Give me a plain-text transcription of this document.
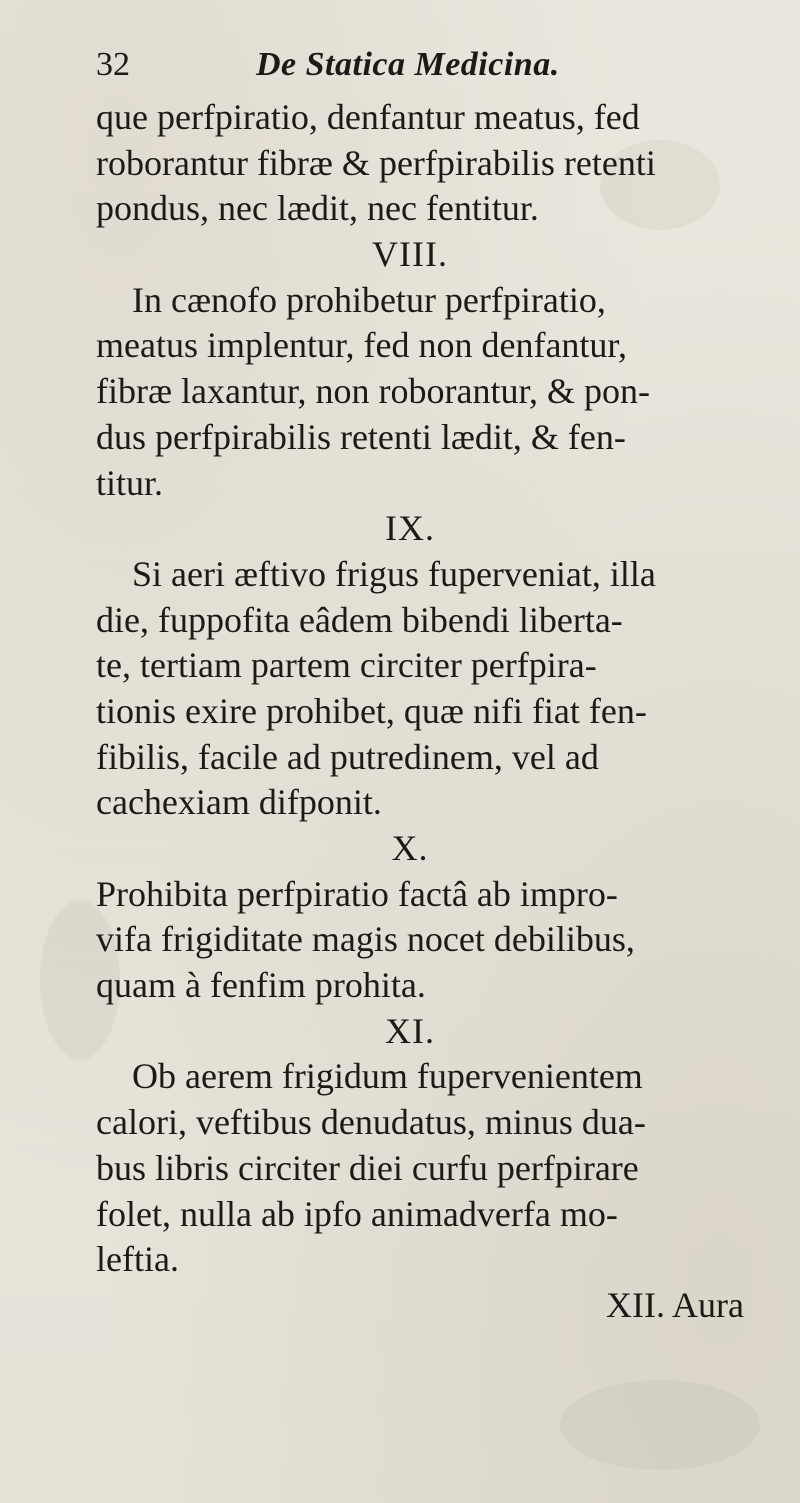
32	De Statica Medicina.
que perfpiratio, denfantur meatus, fed
roborantur fibræ & perfpirabilis retenti
pondus, nec lædit, nec fentitur.
VIII.
In cænofo prohibetur perfpiratio,
meatus implentur, fed non denfantur,
fibræ laxantur, non roborantur, & pon-
dus perfpirabilis retenti lædit, & fen-
titur.
IX.
Si aeri æftivo frigus fuperveniat, illa
die, fuppofita eâdem bibendi liberta-
te, tertiam partem circiter perfpira-
tionis exire prohibet, quæ nifi fiat fen-
fibilis, facile ad putredinem, vel ad
cachexiam difponit.
X.
Prohibita perfpiratio factâ ab impro-
vifa frigiditate magis nocet debilibus,
quam à fenfim prohita.
XI.
Ob aerem frigidum fupervenientem
calori, veftibus denudatus, minus dua-
bus libris circiter diei curfu perfpirare
folet, nulla ab ipfo animadverfa mo-
leftia.
XII. Aura
